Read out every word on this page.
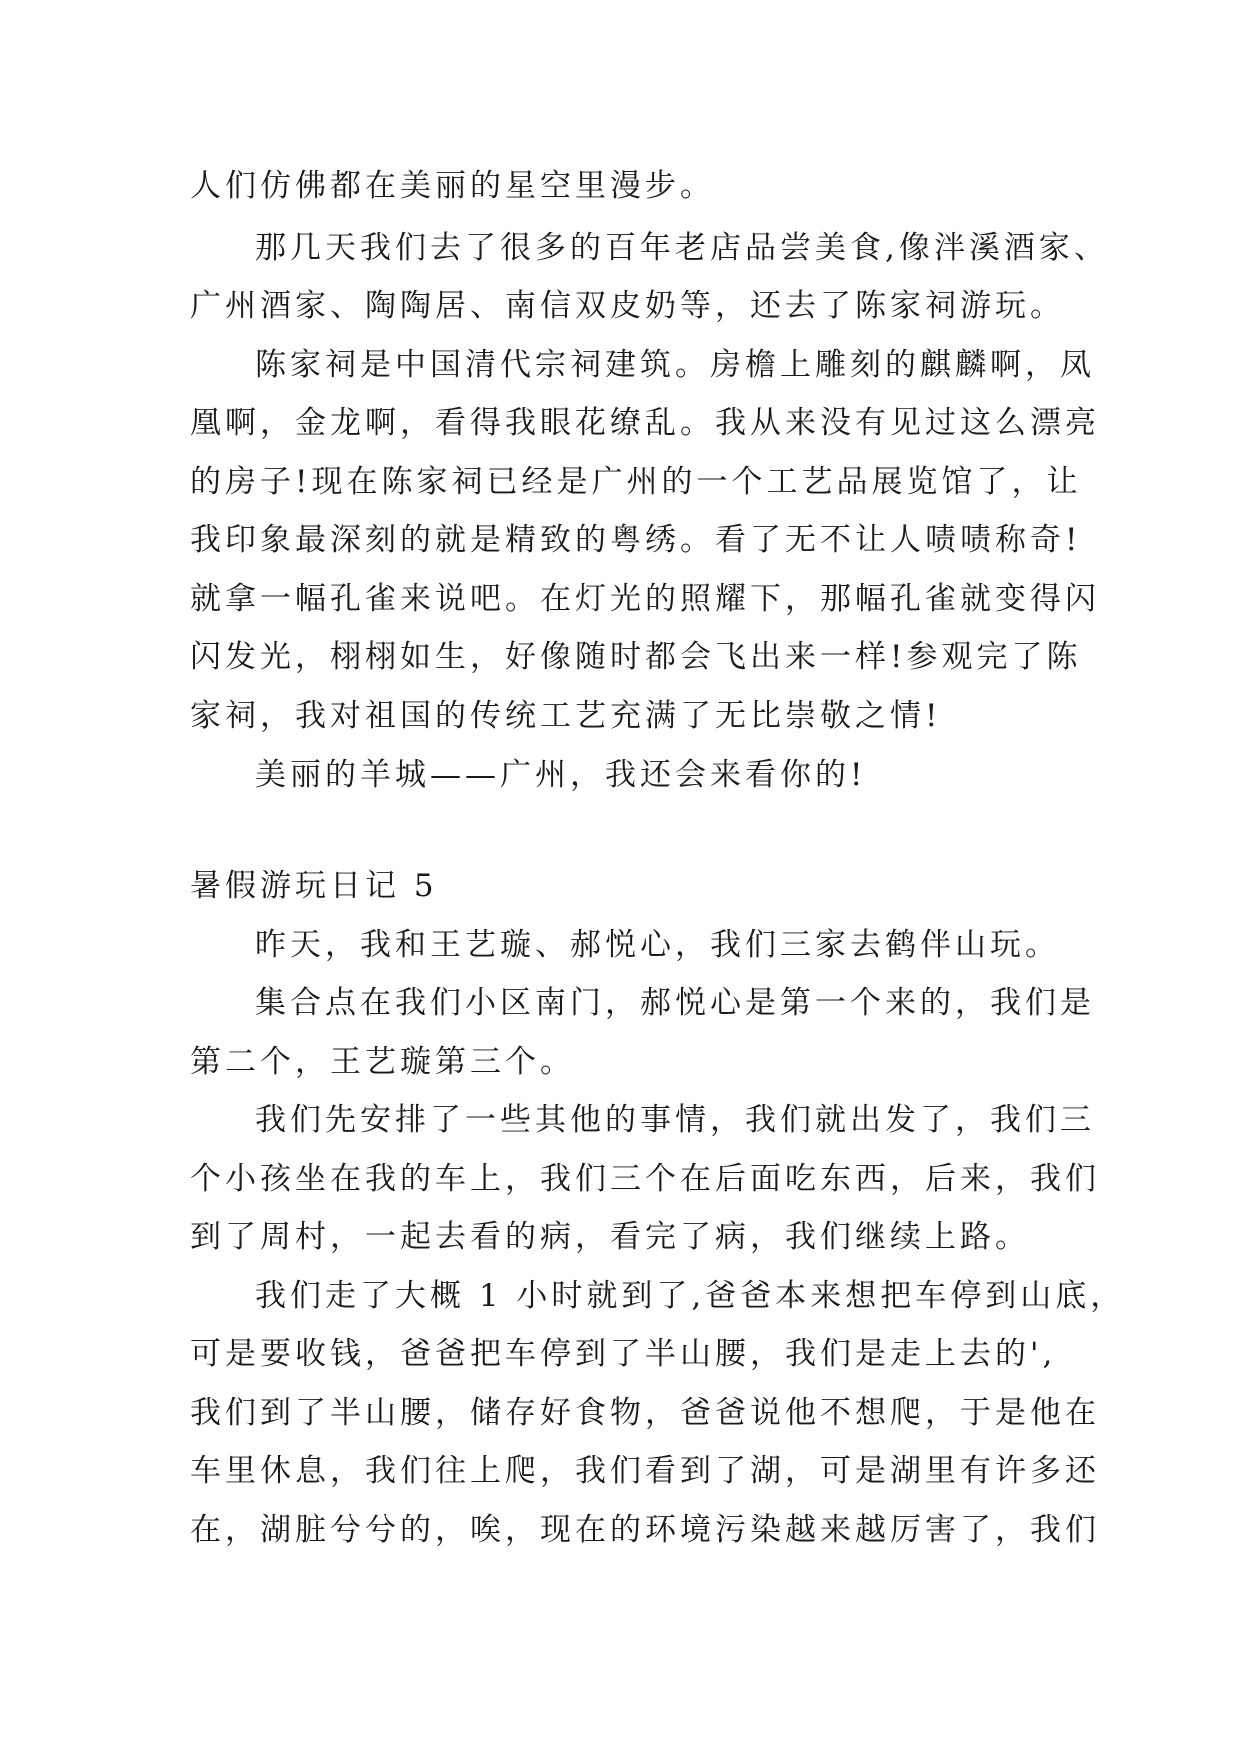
人们仿佛都在美丽的星空里漫步。
那几天我们去了很多的百年老店品尝美食,像泮溪酒家、
广州酒家、陶陶居、南信双皮奶等，还去了陈家祠游玩。
陈家祠是中国清代宗祠建筑。房檐上雕刻的麒麟啊，凤
凰啊，金龙啊，看得我眼花缭乱。我从来没有见过这么漂亮
的房子!现在陈家祠已经是广州的一个工艺品展览馆了，让
我印象最深刻的就是精致的粤绣。看了无不让人啧啧称奇!
就拿一幅孔雀来说吧。在灯光的照耀下，那幅孔雀就变得闪
闪发光，栩栩如生，好像随时都会飞出来一样!参观完了陈
家祠，我对祖国的传统工艺充满了无比崇敬之情!
美丽的羊城——广州，我还会来看你的!
暑假游玩日记 5
昨天，我和王艺璇、郝悦心，我们三家去鹤伴山玩。
集合点在我们小区南门，郝悦心是第一个来的，我们是
第二个，王艺璇第三个。
我们先安排了一些其他的事情，我们就出发了，我们三
个小孩坐在我的车上，我们三个在后面吃东西，后来，我们
到了周村，一起去看的病，看完了病，我们继续上路。
我们走了大概 1 小时就到了,爸爸本来想把车停到山底，
可是要收钱，爸爸把车停到了半山腰，我们是走上去的',
我们到了半山腰，储存好食物，爸爸说他不想爬，于是他在
车里休息，我们往上爬，我们看到了湖，可是湖里有许多还
在，湖脏兮兮的，唉，现在的环境污染越来越厉害了，我们
